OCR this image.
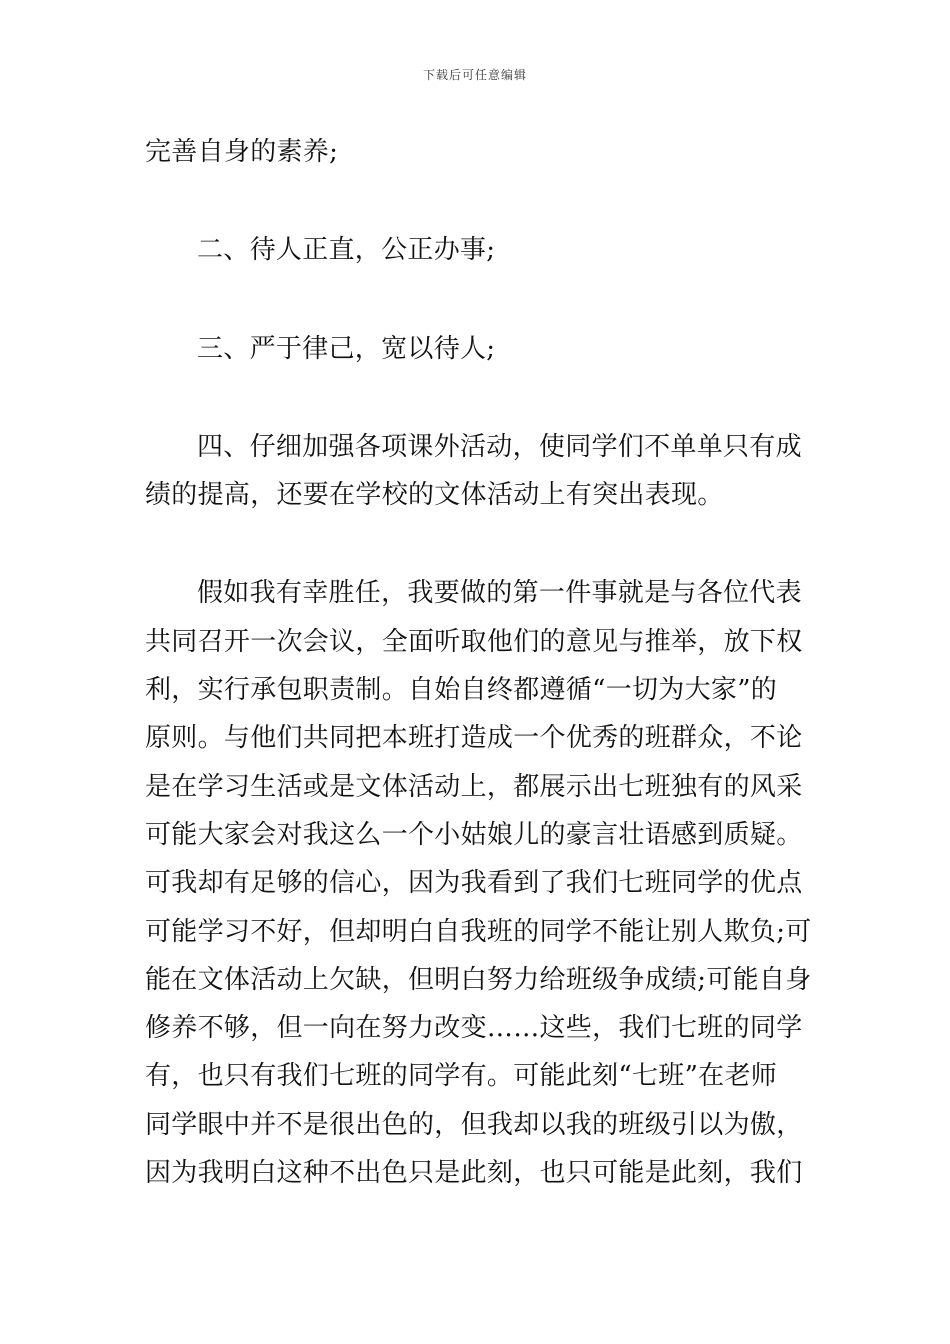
下载后可任意编辑
完善自身的素养;
二、待人正直，公正办事;
三、严于律己，宽以待人;
四、仔细加强各项课外活动，使同学们不单单只有成
绩的提高，还要在学校的文体活动上有突出表现。
假如我有幸胜任，我要做的第一件事就是与各位代表
共同召开一次会议，全面听取他们的意见与推举，放下权
利，实行承包职责制。自始自终都遵循“一切为大家”的
原则。与他们共同把本班打造成一个优秀的班群众，不论
是在学习生活或是文体活动上，都展示出七班独有的风采
可能大家会对我这么一个小姑娘儿的豪言壮语感到质疑。
可我却有足够的信心，因为我看到了我们七班同学的优点
可能学习不好，但却明白自我班的同学不能让别人欺负;可
能在文体活动上欠缺，但明白努力给班级争成绩;可能自身
修养不够，但一向在努力改变……这些，我们七班的同学
有，也只有我们七班的同学有。可能此刻“七班”在老师
同学眼中并不是很出色的，但我却以我的班级引以为傲，
因为我明白这种不出色只是此刻，也只可能是此刻，我们
